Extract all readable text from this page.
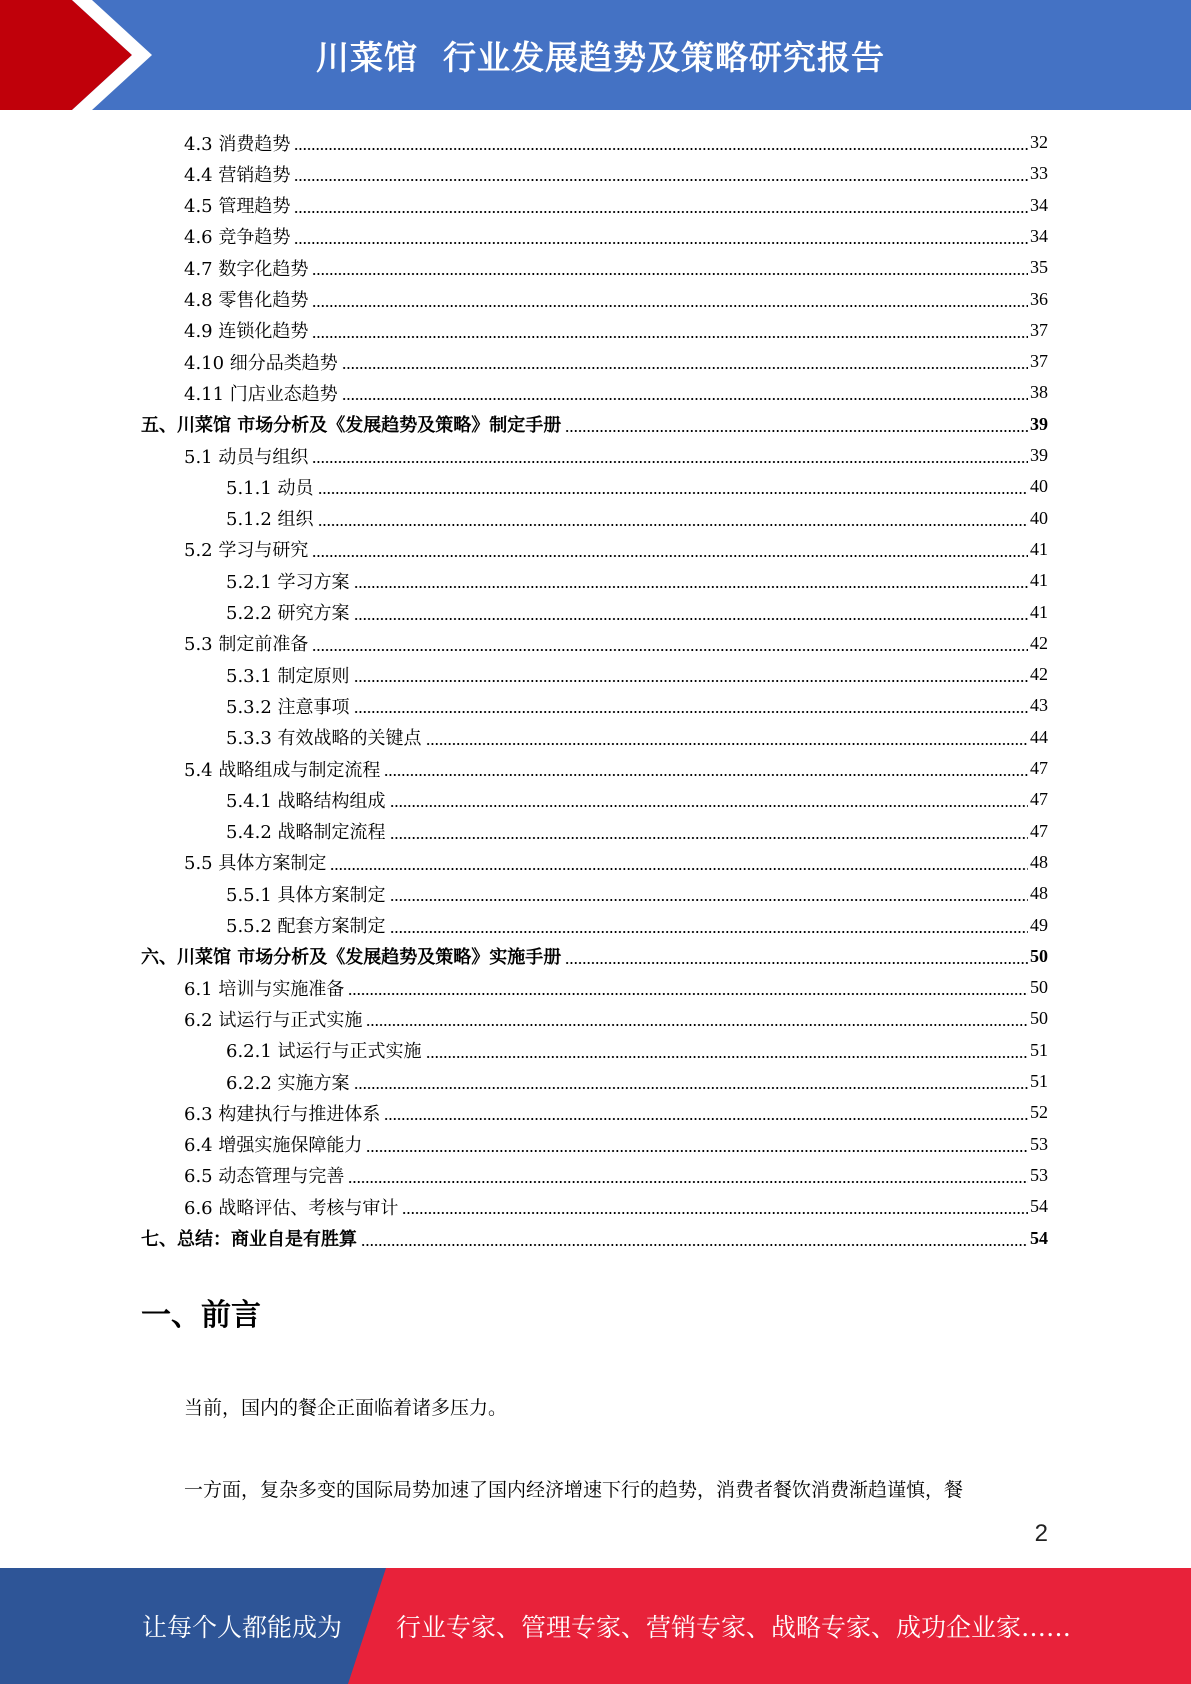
川菜馆  行业发展趋势及策略研究报告
4.3 消费趋势	32
4.4 营销趋势	33
4.5 管理趋势	34
4.6 竞争趋势	34
4.7 数字化趋势	35
4.8 零售化趋势	36
4.9 连锁化趋势	37
4.10 细分品类趋势	37
4.11 门店业态趋势	38
五、川菜馆 市场分析及《发展趋势及策略》制定手册	39
5.1 动员与组织	39
5.1.1 动员	40
5.1.2 组织	40
5.2 学习与研究	41
5.2.1 学习方案	41
5.2.2 研究方案	41
5.3 制定前准备	42
5.3.1 制定原则	42
5.3.2 注意事项	43
5.3.3 有效战略的关键点	44
5.4 战略组成与制定流程	47
5.4.1 战略结构组成	47
5.4.2 战略制定流程	47
5.5 具体方案制定	48
5.5.1 具体方案制定	48
5.5.2 配套方案制定	49
六、川菜馆 市场分析及《发展趋势及策略》实施手册	50
6.1 培训与实施准备	50
6.2 试运行与正式实施	50
6.2.1 试运行与正式实施	51
6.2.2 实施方案	51
6.3 构建执行与推进体系	52
6.4 增强实施保障能力	53
6.5 动态管理与完善	53
6.6 战略评估、考核与审计	54
七、总结：商业自是有胜算	54
一、前言

当前，国内的餐企正面临着诸多压力。

一方面，复杂多变的国际局势加速了国内经济增速下行的趋势，消费者餐饮消费渐趋谨慎，餐

2
让每个人都能成为 行业专家、管理专家、营销专家、战略专家、成功企业家……
